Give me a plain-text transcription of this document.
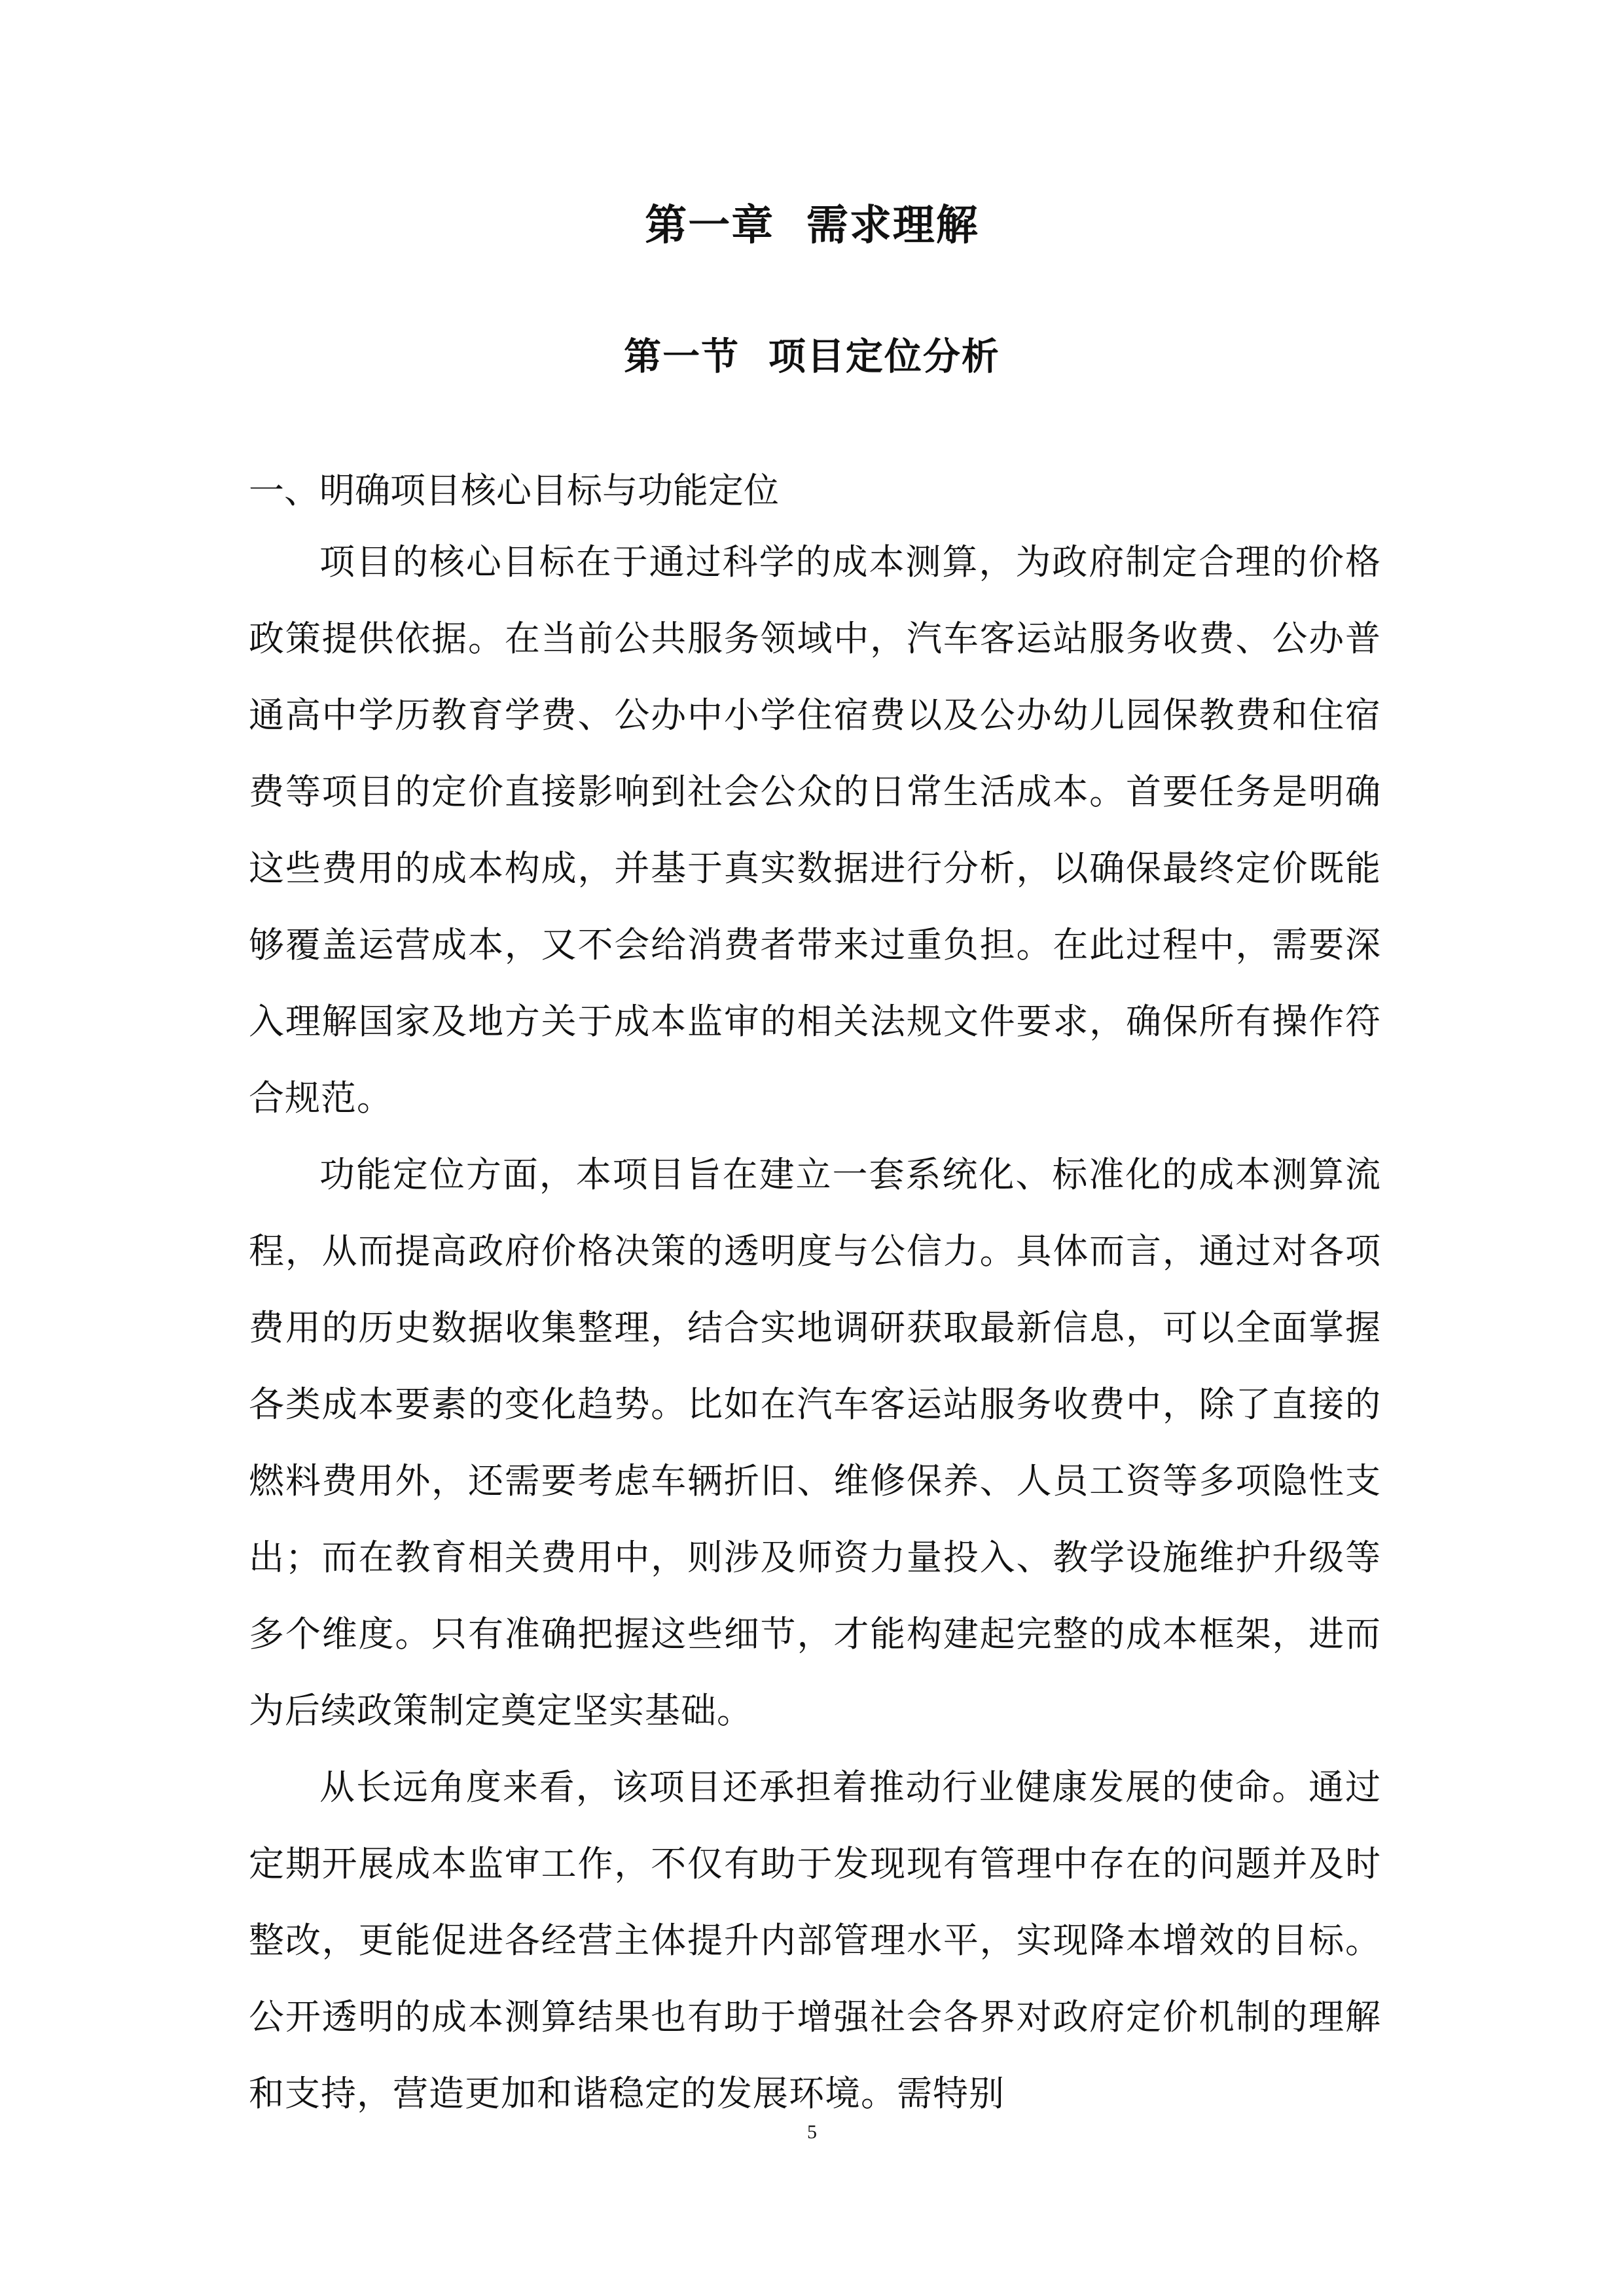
第一章  需求理解
第一节  项目定位分析
一、明确项目核心目标与功能定位

项目的核心目标在于通过科学的成本测算，为政府制定合理的价格政策提供依据。在当前公共服务领域中，汽车客运站服务收费、公办普通高中学历教育学费、公办中小学住宿费以及公办幼儿园保教费和住宿费等项目的定价直接影响到社会公众的日常生活成本。首要任务是明确这些费用的成本构成，并基于真实数据进行分析，以确保最终定价既能够覆盖运营成本，又不会给消费者带来过重负担。在此过程中，需要深入理解国家及地方关于成本监审的相关法规文件要求，确保所有操作符合规范。

功能定位方面，本项目旨在建立一套系统化、标准化的成本测算流程，从而提高政府价格决策的透明度与公信力。具体而言，通过对各项费用的历史数据收集整理，结合实地调研获取最新信息，可以全面掌握各类成本要素的变化趋势。比如在汽车客运站服务收费中，除了直接的燃料费用外，还需要考虑车辆折旧、维修保养、人员工资等多项隐性支出；而在教育相关费用中，则涉及师资力量投入、教学设施维护升级等多个维度。只有准确把握这些细节，才能构建起完整的成本框架，进而为后续政策制定奠定坚实基础。

从长远角度来看，该项目还承担着推动行业健康发展的使命。通过定期开展成本监审工作，不仅有助于发现现有管理中存在的问题并及时整改，更能促进各经营主体提升内部管理水平，实现降本增效的目标。公开透明的成本测算结果也有助于增强社会各界对政府定价机制的理解和支持，营造更加和谐稳定的发展环境。需特别

5
